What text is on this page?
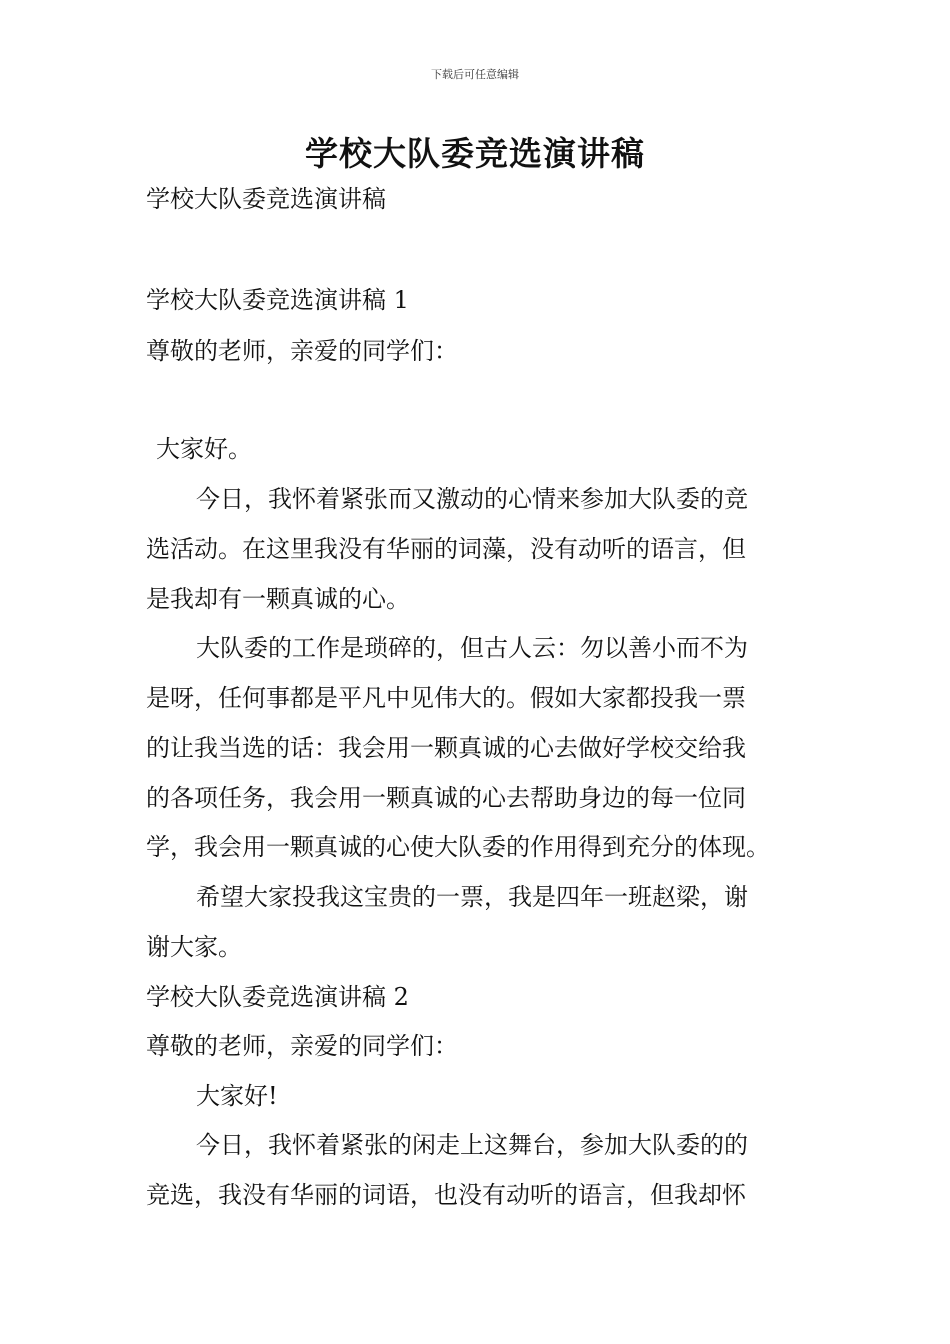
下载后可任意编辑
学校大队委竞选演讲稿

学校大队委竞选演讲稿

学校大队委竞选演讲稿 1

尊敬的老师，亲爱的同学们：

大家好。

今日，我怀着紧张而又激动的心情来参加大队委的竞

选活动。在这里我没有华丽的词藻，没有动听的语言，但

是我却有一颗真诚的心。

大队委的工作是琐碎的，但古人云：勿以善小而不为

是呀，任何事都是平凡中见伟大的。假如大家都投我一票

的让我当选的话：我会用一颗真诚的心去做好学校交给我

的各项任务，我会用一颗真诚的心去帮助身边的每一位同

学，我会用一颗真诚的心使大队委的作用得到充分的体现。

希望大家投我这宝贵的一票，我是四年一班赵梁，谢

谢大家。

学校大队委竞选演讲稿 2

尊敬的老师，亲爱的同学们：

大家好!

今日，我怀着紧张的闲走上这舞台，参加大队委的的

竞选，我没有华丽的词语，也没有动听的语言，但我却怀
